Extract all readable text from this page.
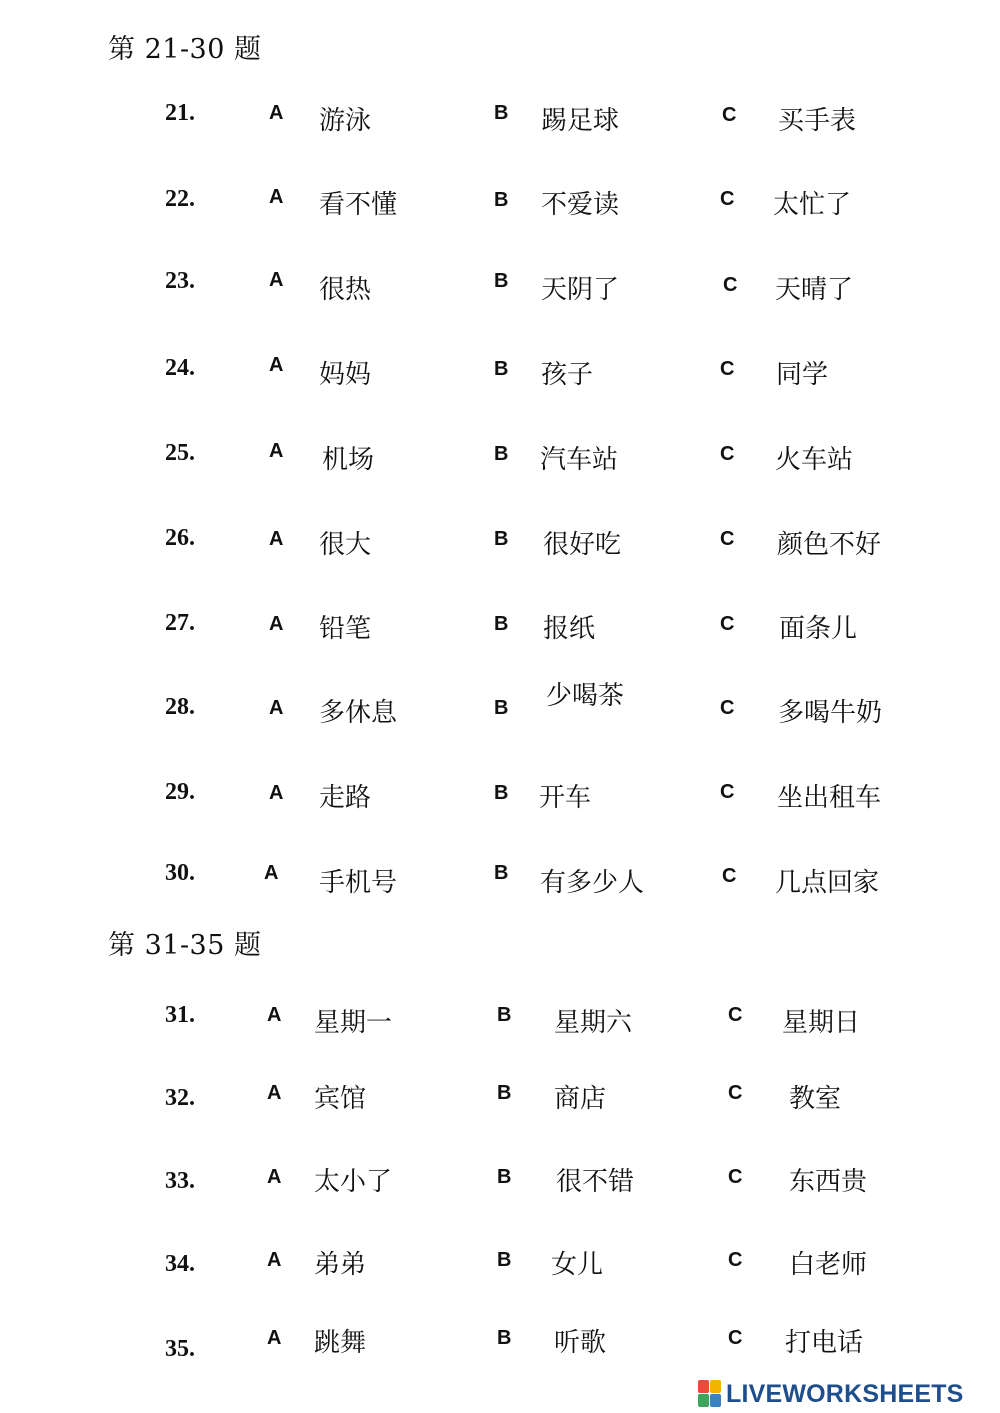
第 21-30 题
21.	A 游泳	B 踢足球	C 买手表
22.	A 看不懂	B 不爱读	C 太忙了
23.	A 很热	B 天阴了	C 天晴了
24.	A 妈妈	B 孩子	C 同学
25.	A 机场	B 汽车站	C 火车站
26.	A 很大	B 很好吃	C 颜色不好
27.	A 铅笔	B 报纸	C 面条儿
28.	A 多休息	B 少喝茶	C 多喝牛奶
29.	A 走路	B 开车	C 坐出租车
30.	A 手机号	B 有多少人	C 几点回家
第 31-35 题
31.	A 星期一	B 星期六	C 星期日
32.	A 宾馆	B 商店	C 教室
33.	A 太小了	B 很不错	C 东西贵
34.	A 弟弟	B 女儿	C 白老师
35.	A 跳舞	B 听歌	C 打电话
LIVEWORKSHEETS
